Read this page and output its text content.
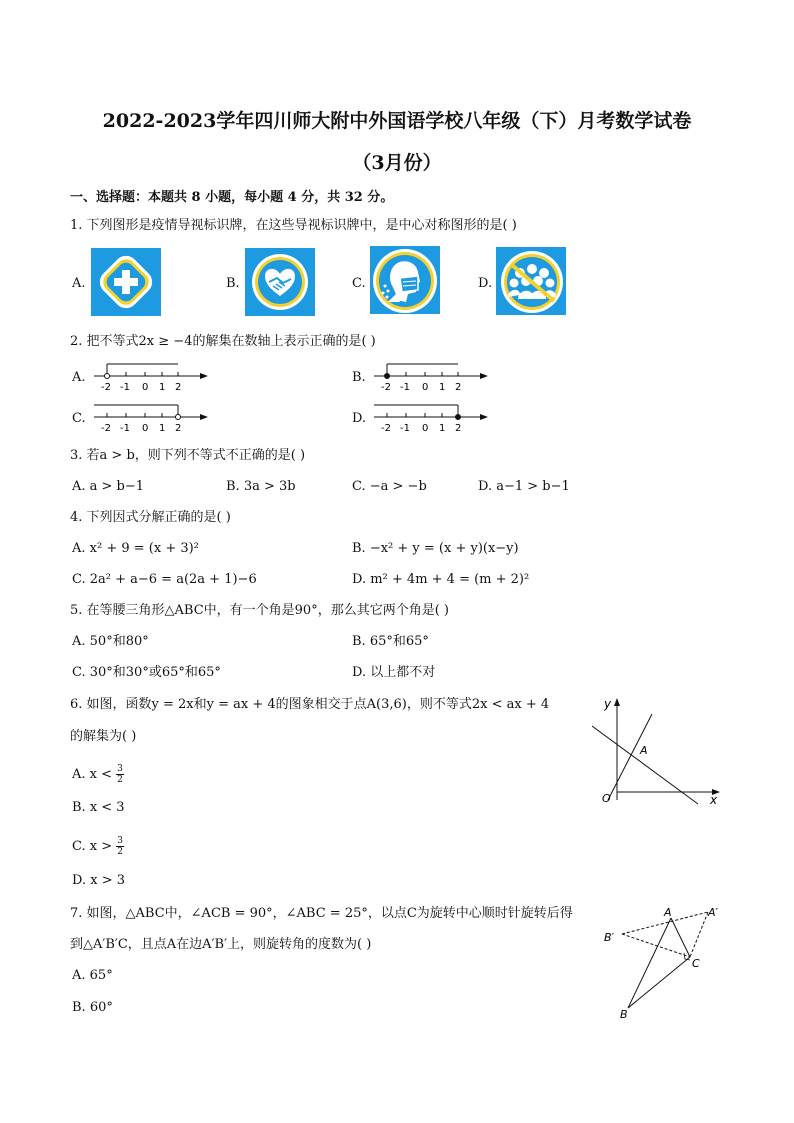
2022-2023学年四川师大附中外国语学校八年级（下）月考数学试卷
（3月份）
一、选择题：本题共 8 小题，每小题 4 分，共 32 分。
1. 下列图形是疫情导视标识牌，在这些导视标识牌中，是中心对称图形的是( )
A.	B.	C.	D.
2. 把不等式2x ≥ −4的解集在数轴上表示正确的是( )
A.
-2 -1 0 1 2
B.
-2 -1 0 1 2
C.
-2 -1 0 1 2
D.
-2 -1 0 1 2
3. 若a > b，则下列不等式不正确的是( )
A. a > b−1	B. 3a > 3b	C. −a > −b	D. a−1 > b−1
4. 下列因式分解正确的是( )
A. x² + 9 = (x + 3)²	B. −x² + y = (x + y)(x−y)
C. 2a² + a−6 = a(2a + 1)−6	D. m² + 4m + 4 = (m + 2)²
5. 在等腰三角形△ABC中，有一个角是90°，那么其它两个角是( )
A. 50°和80°	B. 65°和65°
C. 30°和30°或65°和65°	D. 以上都不对
6. 如图，函数y = 2x和y = ax + 4的图象相交于点A(3,6)，则不等式2x < ax + 4
的解集为( )
A. $x < \frac{3}{2}$
B. x < 3
C. $x > \frac{3}{2}$
D. x > 3
y
x
O
A
7. 如图，△ABC中，∠ACB = 90°，∠ABC = 25°，以点C为旋转中心顺时针旋转后得
到△A′B′C，且点A在边A′B′上，则旋转角的度数为( )
A. 65°
B. 60°
A	A′
B′
C
B
